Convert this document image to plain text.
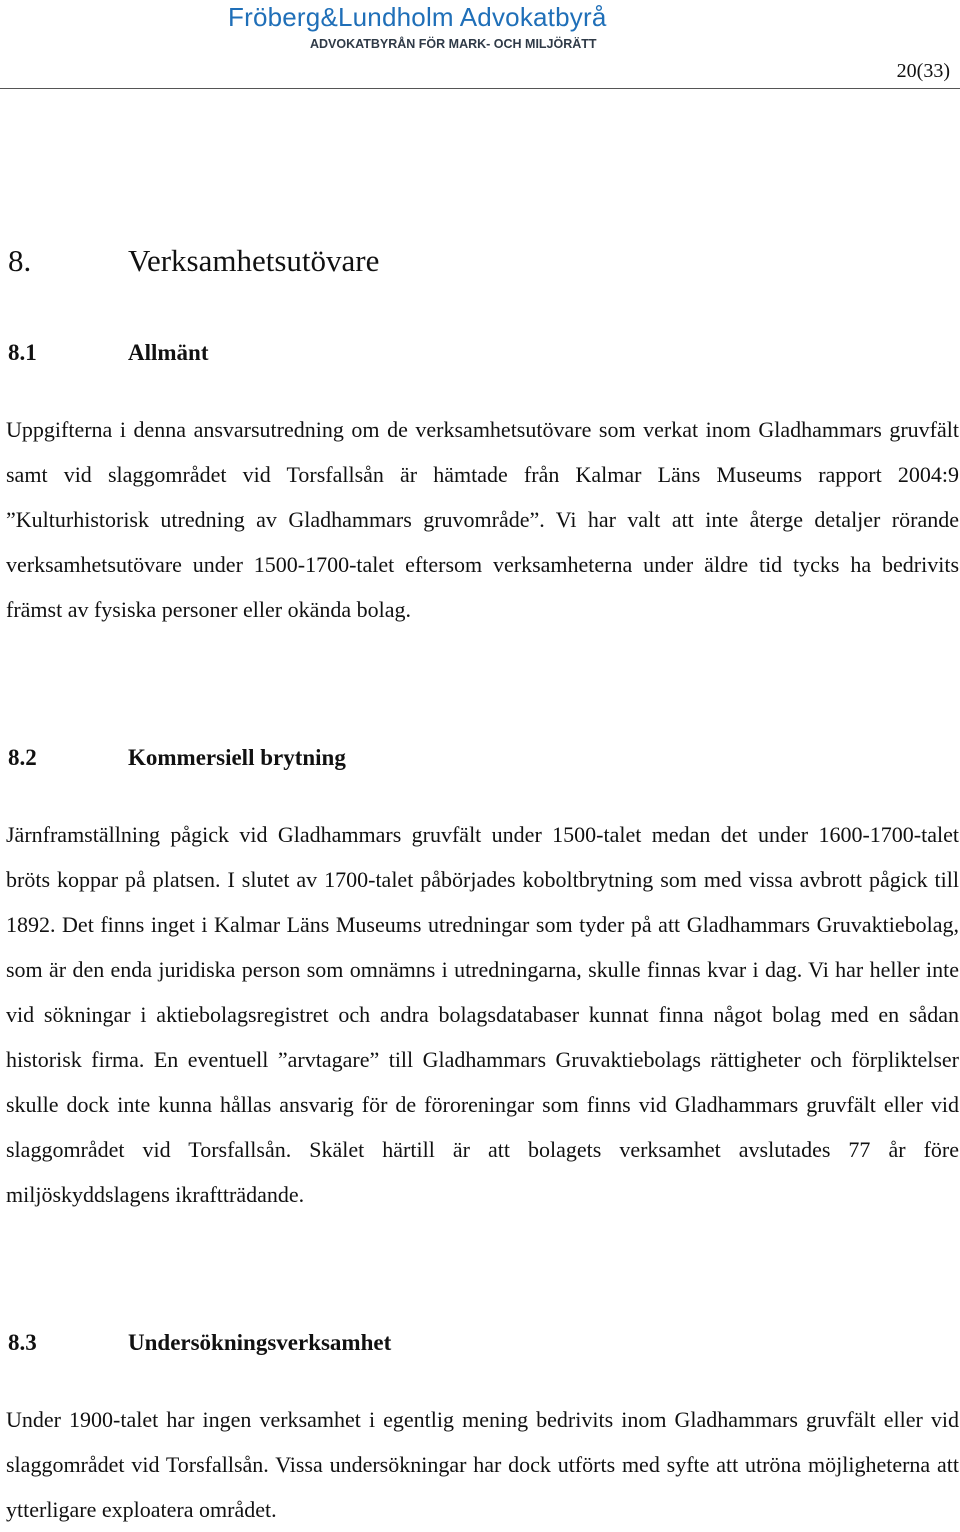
Fröberg&Lundholm Advokatbyrå
ADVOKATBYRÅN FÖR MARK- OCH MILJÖRÄTT
20(33)
8.	Verksamhetsutövare
8.1	Allmänt

Uppgifterna i denna ansvarsutredning om de verksamhetsutövare som verkat inom Gladhammars gruvfält samt vid slaggområdet vid Torsfallsån är hämtade från Kalmar Läns Museums rapport 2004:9 ”Kulturhistorisk utredning av Gladhammars gruvområde”. Vi har valt att inte återge detaljer rörande verksamhetsutövare under 1500-1700-talet eftersom verksamheterna under äldre tid tycks ha bedrivits främst av fysiska personer eller okända bolag.

8.2	Kommersiell brytning

Järnframställning pågick vid Gladhammars gruvfält under 1500-talet medan det under 1600-1700-talet bröts koppar på platsen. I slutet av 1700-talet påbörjades koboltbrytning som med vissa avbrott pågick till 1892. Det finns inget i Kalmar Läns Museums utredningar som tyder på att Gladhammars Gruvaktiebolag, som är den enda juridiska person som omnämns i utredningarna, skulle finnas kvar i dag. Vi har heller inte vid sökningar i aktiebolagsregistret och andra bolagsdatabaser kunnat finna något bolag med en sådan historisk firma. En eventuell ”arvtagare” till Gladhammars Gruvaktiebolags rättigheter och förpliktelser skulle dock inte kunna hållas ansvarig för de föroreningar som finns vid Gladhammars gruvfält eller vid slaggområdet vid Torsfallsån. Skälet härtill är att bolagets verksamhet avslutades 77 år före miljöskyddslagens ikraftträdande.

8.3	Undersökningsverksamhet

Under 1900-talet har ingen verksamhet i egentlig mening bedrivits inom Gladhammars gruvfält eller vid slaggområdet vid Torsfallsån. Vissa undersökningar har dock utförts med syfte att utröna möjligheterna att ytterligare exploatera området.
